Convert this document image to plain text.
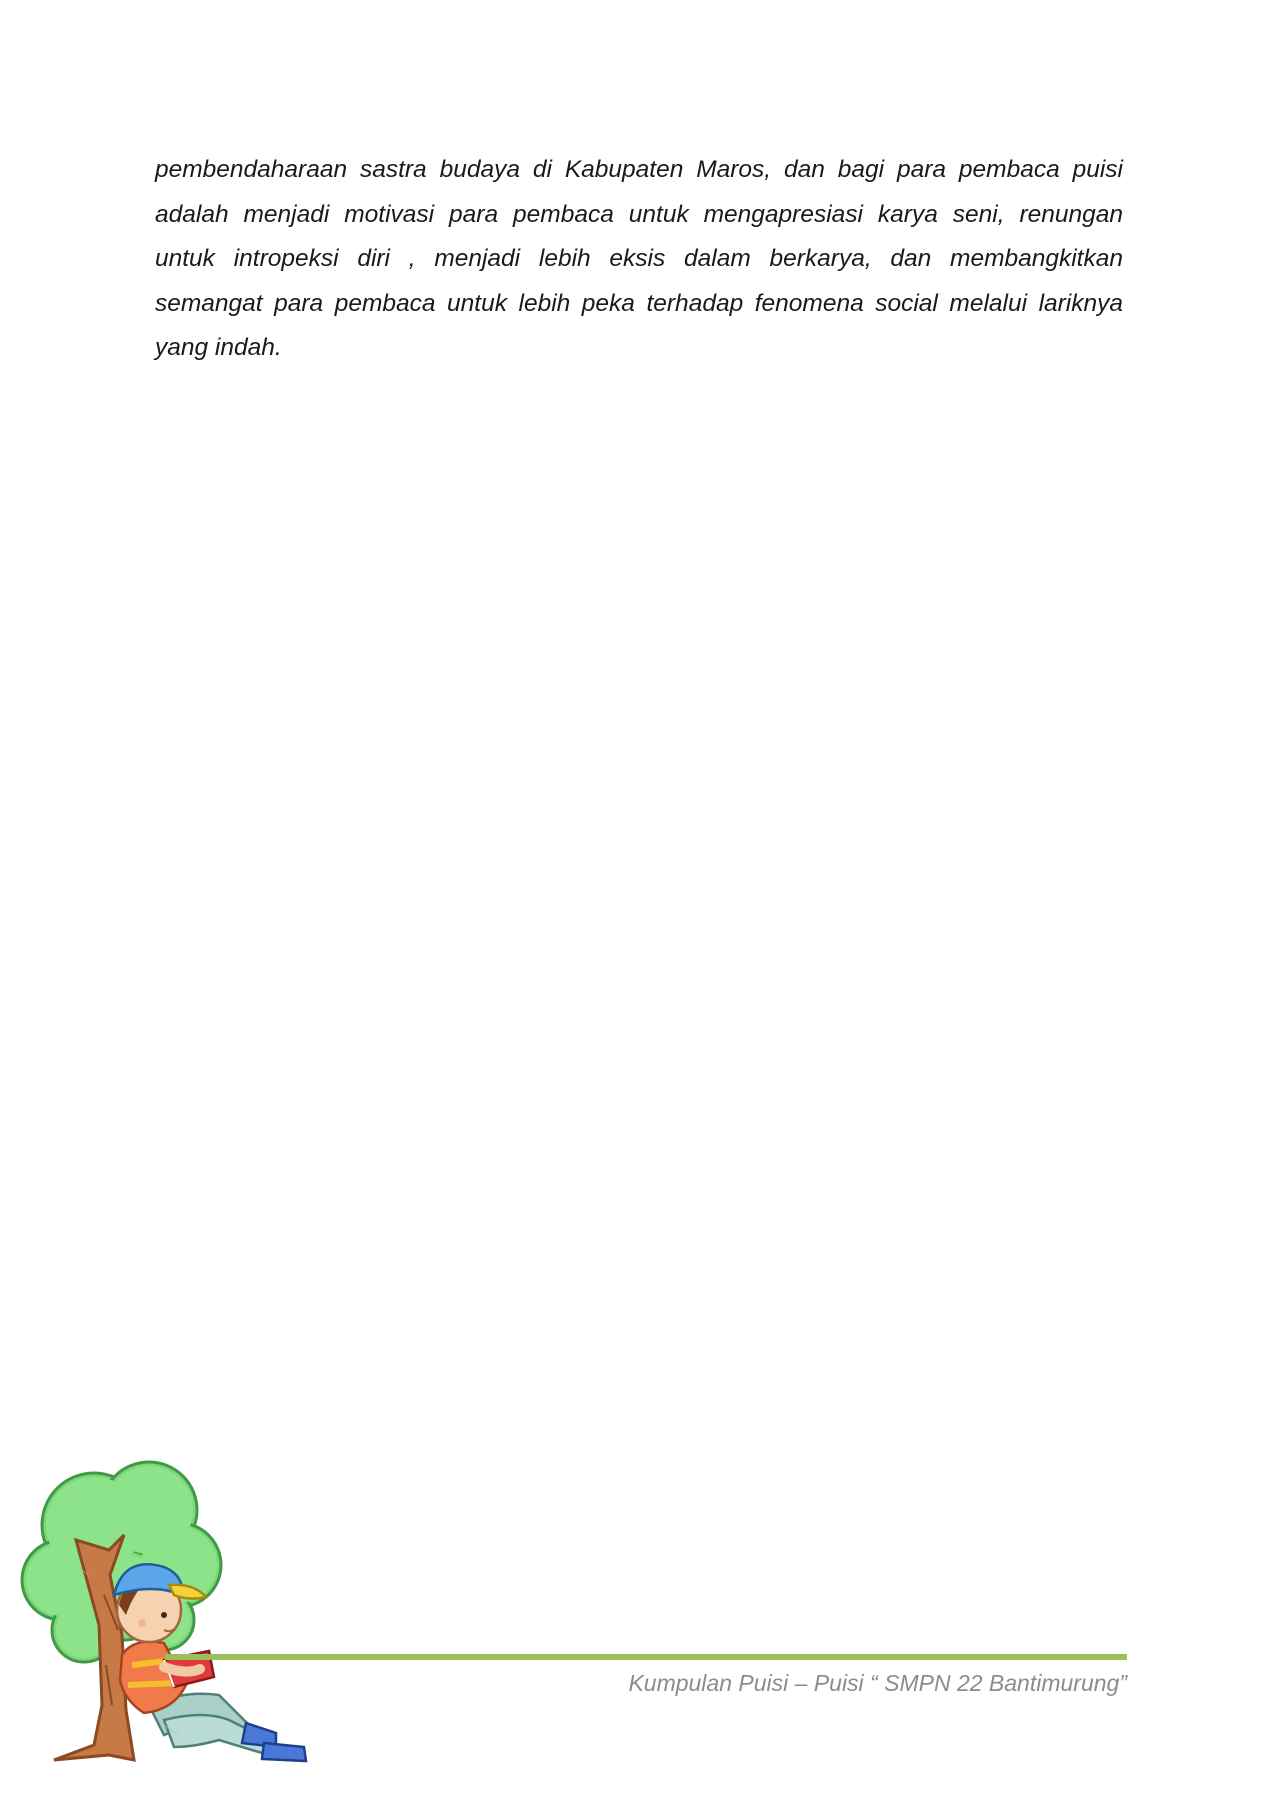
pembendaharaan sastra budaya di Kabupaten Maros, dan bagi para pembaca puisi
adalah menjadi motivasi para pembaca untuk mengapresiasi karya seni, renungan
untuk intropeksi diri , menjadi lebih eksis dalam berkarya, dan membangkitkan
semangat para pembaca untuk lebih peka terhadap fenomena social melalui lariknya
yang indah.
Kumpulan Puisi – Puisi “ SMPN 22 Bantimurung”
